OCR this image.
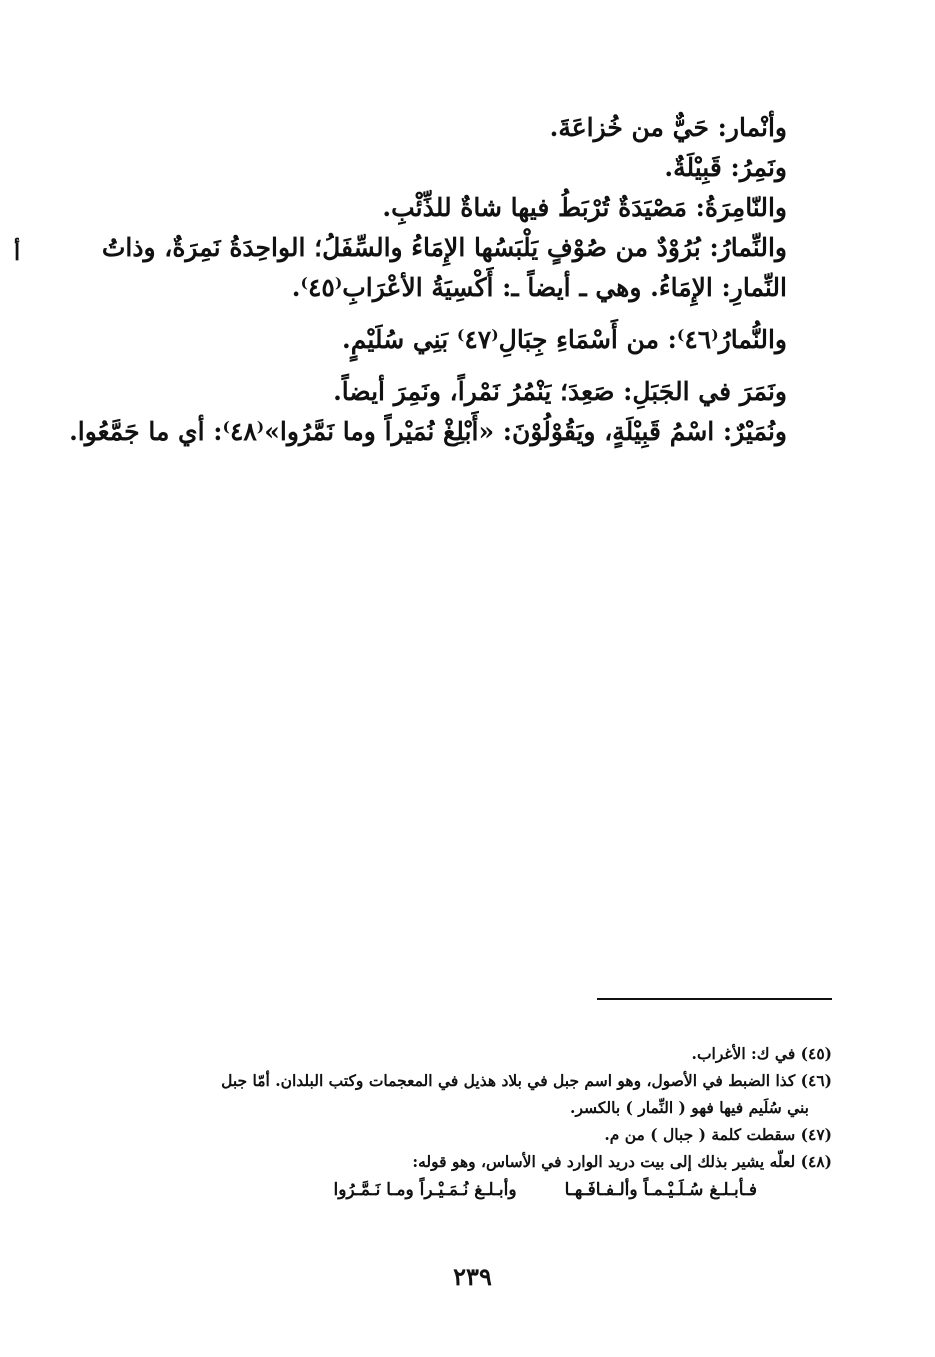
وأنْمار: حَيٌّ من خُزاعَةَ.
ونَمِرُ: قَبِيْلَةٌ.
والنّامِرَةُ: مَصْيَدَةٌ تُرْبَطُ فيها شاةٌ للذِّئْبِ.
والنِّمارُ: بُرُوْدٌ من صُوْفٍ يَلْبَسُها الإِمَاءُ والسِّفَلُ؛ الواحِدَةُ نَمِرَةٌ، وذاتُ
النِّمارِ: الإِمَاءُ. وهي ـ أيضاً ـ: أَكْسِيَةُ الأعْرَابِ⁽٤٥⁾.
والنُّمارُ⁽٤٦⁾: من أَسْمَاءِ جِبَالِ⁽٤٧⁾ بَنِي سُلَيْمٍ.
ونَمَرَ في الجَبَلِ: صَعِدَ؛ يَنْمُرُ نَمْراً، ونَمِرَ أيضاً.
ونُمَيْرٌ: اسْمُ قَبِيْلَةٍ، ويَقُوْلُوْنَ: «أَبْلِغْ نُمَيْراً وما نَمَّرُوا»⁽٤٨⁾: أي ما جَمَّعُوا.
أ
(٤٥) في ك: الأغراب.
(٤٦) كذا الضبط في الأصول، وهو اسم جبل في بلاد هذيل في المعجمات وكتب البلدان. أمّا جبل
بني سُلَيم فيها فهو ( النِّمار ) بالكسر.
(٤٧) سقطت كلمة ( جبال ) من م.
(٤٨) لعلّه يشير بذلك إلى بيت دريد الوارد في الأساس، وهو قوله:
فـأبـلـغ سُـلَـيْـمـاً وألـفـافَـهـا
وأبـلـغ نُـمَـيْـراً ومـا نَـمَّـرُوا
٢٣٩
